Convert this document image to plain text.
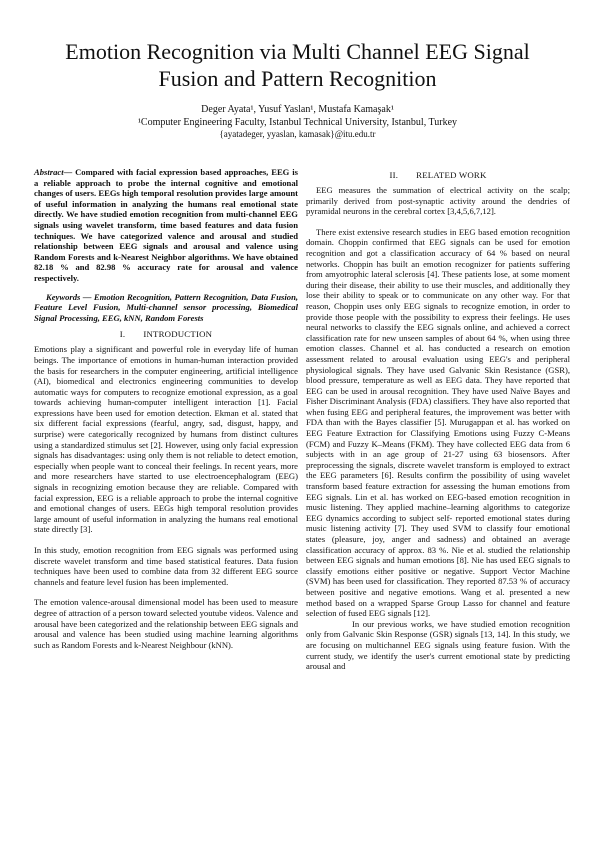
Emotion Recognition via Multi Channel EEG Signal Fusion and Pattern Recognition
Deger Ayata¹, Yusuf Yaslan¹, Mustafa Kamaşak¹
¹Computer Engineering Faculty, Istanbul Technical University, Istanbul, Turkey
{ayatadeger, yyaslan, kamasak}@itu.edu.tr

Abstract— Compared with facial expression based approaches, EEG is a reliable approach to probe the internal cognitive and emotional changes of users. EEGs high temporal resolution provides large amount of useful information in analyzing the humans real emotional state directly. We have studied emotion recognition from multi-channel EEG signals using wavelet transform, time based features and data fusion techniques. We have categorized valence and arousal and studied relationship between EEG signals and arousal and valence using Random Forests and k-Nearest Neighbor algorithms. We have obtained 82.18 % and 82.98 % accuracy rate for arousal and valence respectively.

Keywords — Emotion Recognition, Pattern Recognition, Data Fusion, Feature Level Fusion, Multi-channel sensor processing, Biomedical Signal Processing, EEG, kNN, Random Forests

I. INTRODUCTION

Emotions play a significant and powerful role in everyday life of human beings. The importance of emotions in human-human interaction provided the basis for researchers in the computer engineering, artificial intelligence (AI), biomedical and electronics engineering communities to develop automatic ways for computers to recognize emotional expression, as a goal towards achieving human-computer intelligent interaction [1]. Facial expressions have been used for emotion detection. Ekman et al. stated that six different facial expressions (fearful, angry, sad, disgust, happy, and surprise) were categorically recognized by humans from distinct cultures using a standardized stimulus set [2]. However, using only facial expression signals has disadvantages: using only them is not reliable to detect emotion, especially when people want to conceal their feelings. In recent years, more and more researchers have started to use electroencephalogram (EEG) signals in recognizing emotion because they are reliable. Compared with facial expression, EEG is a reliable approach to probe the internal cognitive and emotional changes of users. EEGs high temporal resolution provides large amount of useful information in analyzing the humans real emotional state directly [3].

In this study, emotion recognition from EEG signals was performed using discrete wavelet transform and time based statistical features. Data fusion techniques have been used to combine data from 32 different EEG source channels and feature level fusion has been implemented.

The emotion valence-arousal dimensional model has been used to measure degree of attraction of a person toward selected youtube videos. Valence and arousal have been categorized and the relationship between EEG signals and arousal and valence has been studied using machine learning algorithms such as Random Forests and k-Nearest Neighbour (kNN).

II. RELATED WORK

EEG measures the summation of electrical activity on the scalp; primarily derived from post-synaptic activity around the dendries of pyramidal neurons in the cerebral cortex [3,4,5,6,7,12].

There exist extensive research studies in EEG based emotion recognition domain. Choppin confirmed that EEG signals can be used for emotion recognition and got a classification accuracy of 64 % based on neural networks. Choppin has built an emotion recognizer for patients suffering from amyotrophic lateral sclerosis [4]. These patients lose, at some moment during their disease, their ability to use their muscles, and additionally they lose their ability to speak or to communicate on any other way. For that reason, Choppin uses only EEG signals to recognize emotion, in order to provide those people with the possibility to express their feelings. He uses neural networks to classify the EEG signals online, and achieved a correct classification rate for new unseen samples of about 64 %, when using three emotion classes. Channel et al. has conducted a research on emotion assessment related to arousal evaluation using EEG's and peripheral physiological signals. They have used Galvanic Skin Resistance (GSR), blood pressure, temperature as well as EEG data. They have reported that EEG can be used in arousal recognition. They have used Naïve Bayes and Fisher Discriminant Analysis (FDA) classifiers. They have also reported that when fusing EEG and peripheral features, the improvement was better with FDA than with the Bayes classifier [5]. Murugappan et al. has worked on EEG Feature Extraction for Classifying Emotions using Fuzzy C-Means (FCM) and Fuzzy K–Means (FKM). They have collected EEG data from 6 subjects with in an age group of 21-27 using 63 biosensors. After preprocessing the signals, discrete wavelet transform is employed to extract the EEG parameters [6]. Results confirm the possibility of using wavelet transform based feature extraction for assessing the human emotions from EEG signals. Lin et al. has worked on EEG-based emotion recognition in music listening. They applied machine–learning algorithms to categorize EEG dynamics according to subject self- reported emotional states during music listening activity [7]. They used SVM to classify four emotional states (pleasure, joy, anger and sadness) and obtained an average classification accuracy of approx. 83 %. Nie et al. studied the relationship between EEG signals and human emotions [8]. Nie has used EEG signals to classify emotions either positive or negative. Support Vector Machine (SVM) has been used for classification. They reported 87.53 % of accuracy between positive and negative emotions. Wang et al. presented a new method based on a wrapped Sparse Group Lasso for channel and feature selection of fused EEG signals [12].

In our previous works, we have studied emotion recognition only from Galvanic Skin Response (GSR) signals [13, 14]. In this study, we are focusing on multichannel EEG signals using feature fusion. With the current study, we identify the user's current emotional state by predicting arousal and
